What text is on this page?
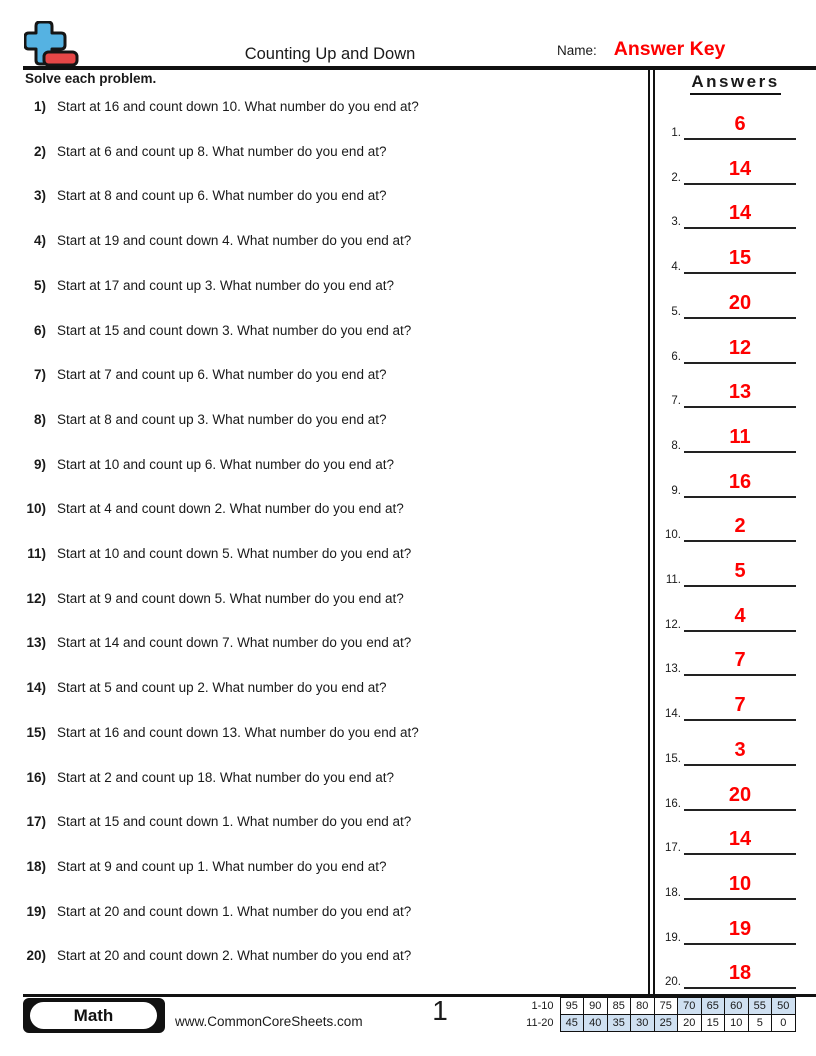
Counting Up and Down	Name: Answer Key
Solve each problem.
1) Start at 16 and count down 10. What number do you end at?
2) Start at 6 and count up 8. What number do you end at?
3) Start at 8 and count up 6. What number do you end at?
4) Start at 19 and count down 4. What number do you end at?
5) Start at 17 and count up 3. What number do you end at?
6) Start at 15 and count down 3. What number do you end at?
7) Start at 7 and count up 6. What number do you end at?
8) Start at 8 and count up 3. What number do you end at?
9) Start at 10 and count up 6. What number do you end at?
10) Start at 4 and count down 2. What number do you end at?
11) Start at 10 and count down 5. What number do you end at?
12) Start at 9 and count down 5. What number do you end at?
13) Start at 14 and count down 7. What number do you end at?
14) Start at 5 and count up 2. What number do you end at?
15) Start at 16 and count down 13. What number do you end at?
16) Start at 2 and count up 18. What number do you end at?
17) Start at 15 and count down 1. What number do you end at?
18) Start at 9 and count up 1. What number do you end at?
19) Start at 20 and count down 1. What number do you end at?
20) Start at 20 and count down 2. What number do you end at?
Answers
1.	6
2.	14
3.	14
4.	15
5.	20
6.	12
7.	13
8.	11
9.	16
10.	2
11.	5
12.	4
13.	7
14.	7
15.	3
16.	20
17.	14
18.	10
19.	19
20.	18
Math	www.CommonCoreSheets.com	1	1-10	95	90	85	80	75	70	65	60	55	50
11-20	45	40	35	30	25	20	15	10	5	0
